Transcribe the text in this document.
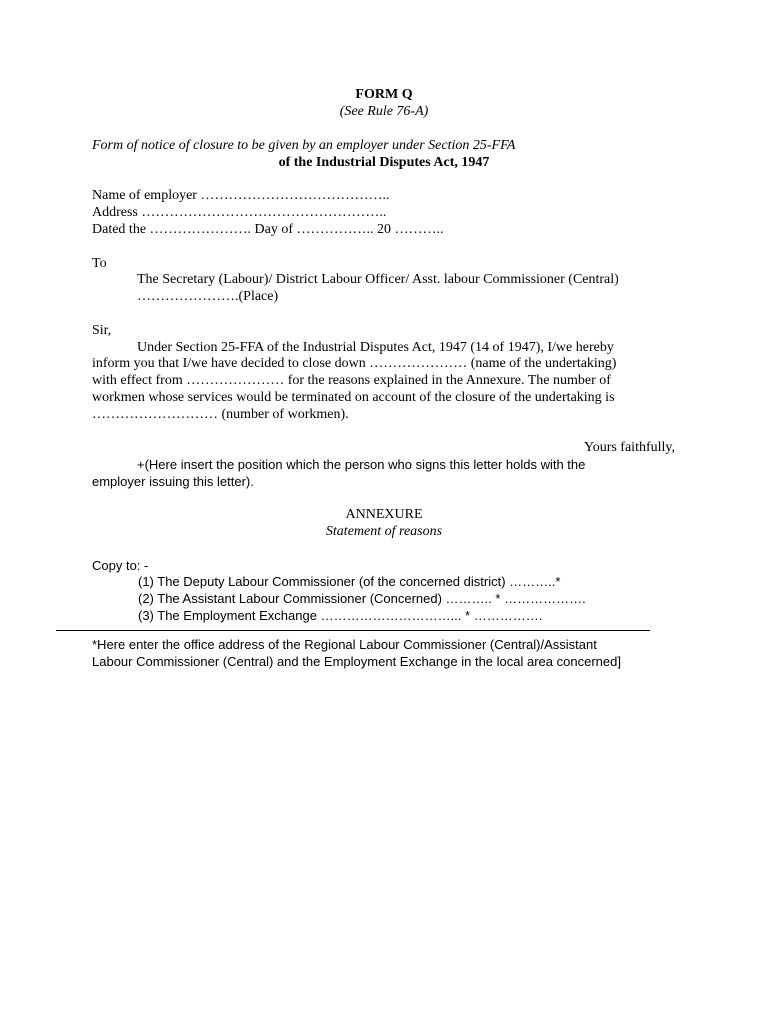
FORM Q
(See Rule 76-A)
Form of notice of closure to be given by an employer under Section 25-FFA
of the Industrial Disputes Act, 1947
Name of employer …………………………………..
Address ……………………………………………..
Dated the …………………. Day of …………….. 20 ………..
To
The Secretary (Labour)/ District Labour Officer/ Asst. labour Commissioner (Central)
………………….(Place)
Sir,
Under Section 25-FFA of the Industrial Disputes Act, 1947 (14 of 1947), I/we hereby
inform you that I/we have decided to close down ………………… (name of the undertaking)
with effect from ………………… for the reasons explained in the Annexure. The number of
workmen whose services would be terminated on account of the closure of the undertaking is
……………………… (number of workmen).
Yours faithfully,
+(Here insert the position which the person who signs this letter holds with the
employer issuing this letter).
ANNEXURE
Statement of reasons
Copy to: -
(1) The Deputy Labour Commissioner (of the concerned district) ………..*
(2) The Assistant Labour Commissioner (Concerned) ……….. * ……………….
(3) The Employment Exchange …………………………... * …………….
*Here enter the office address of the Regional Labour Commissioner (Central)/Assistant
Labour Commissioner (Central) and the Employment Exchange in the local area concerned]
